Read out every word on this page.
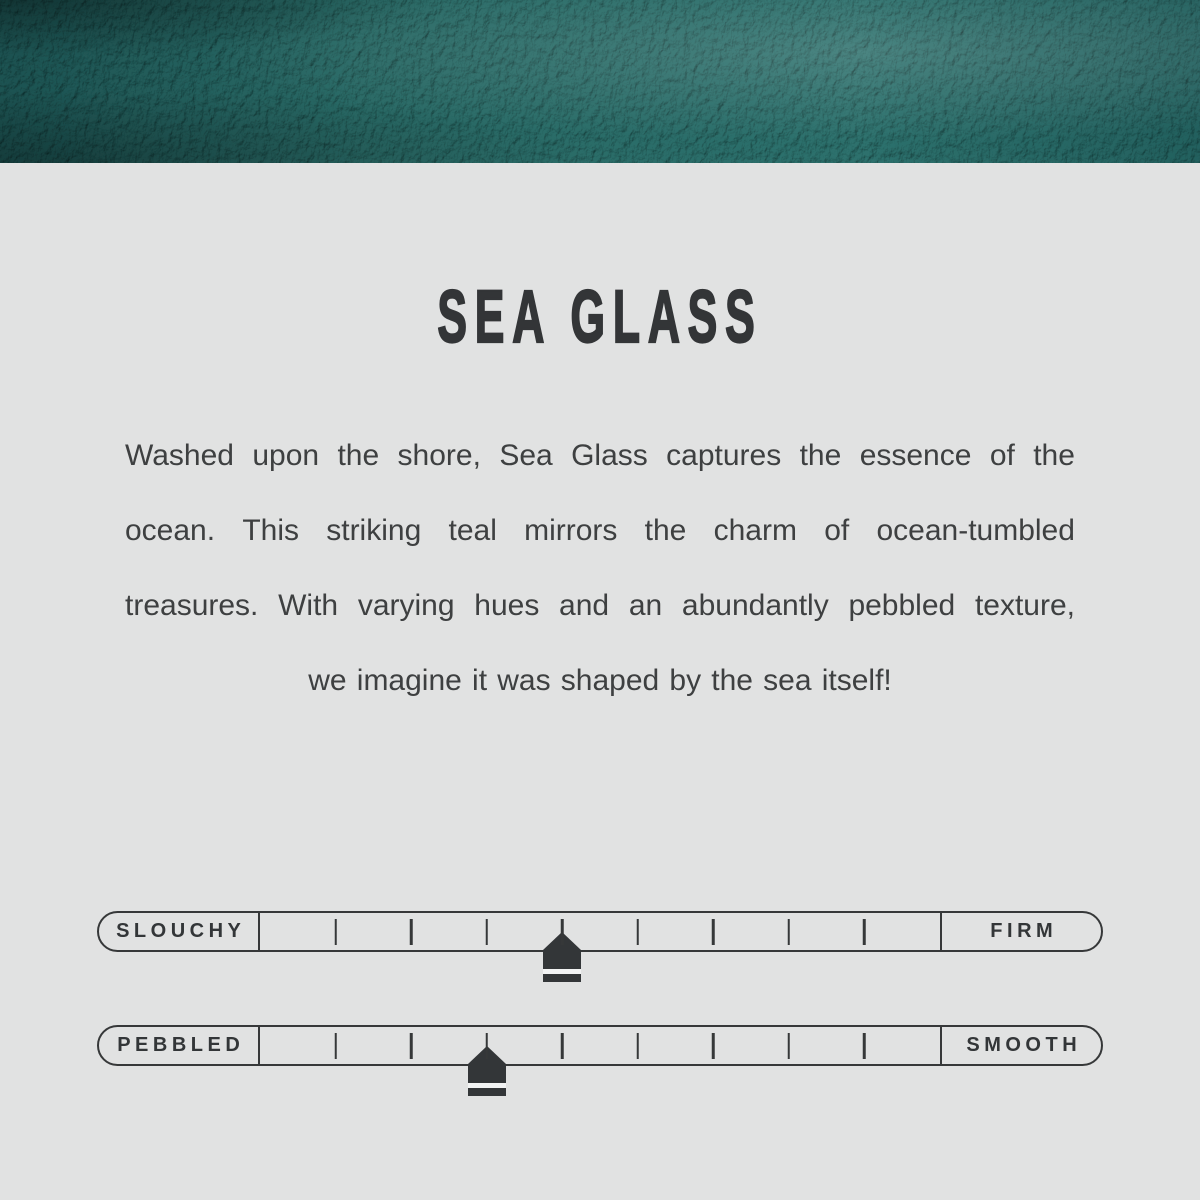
SEA GLASS
Washed upon the shore, Sea Glass captures the essence of the
ocean. This striking teal mirrors the charm of ocean-tumbled
treasures. With varying hues and an abundantly pebbled texture,
we imagine it was shaped by the sea itself!
SLOUCHY	FIRM
PEBBLED	SMOOTH
